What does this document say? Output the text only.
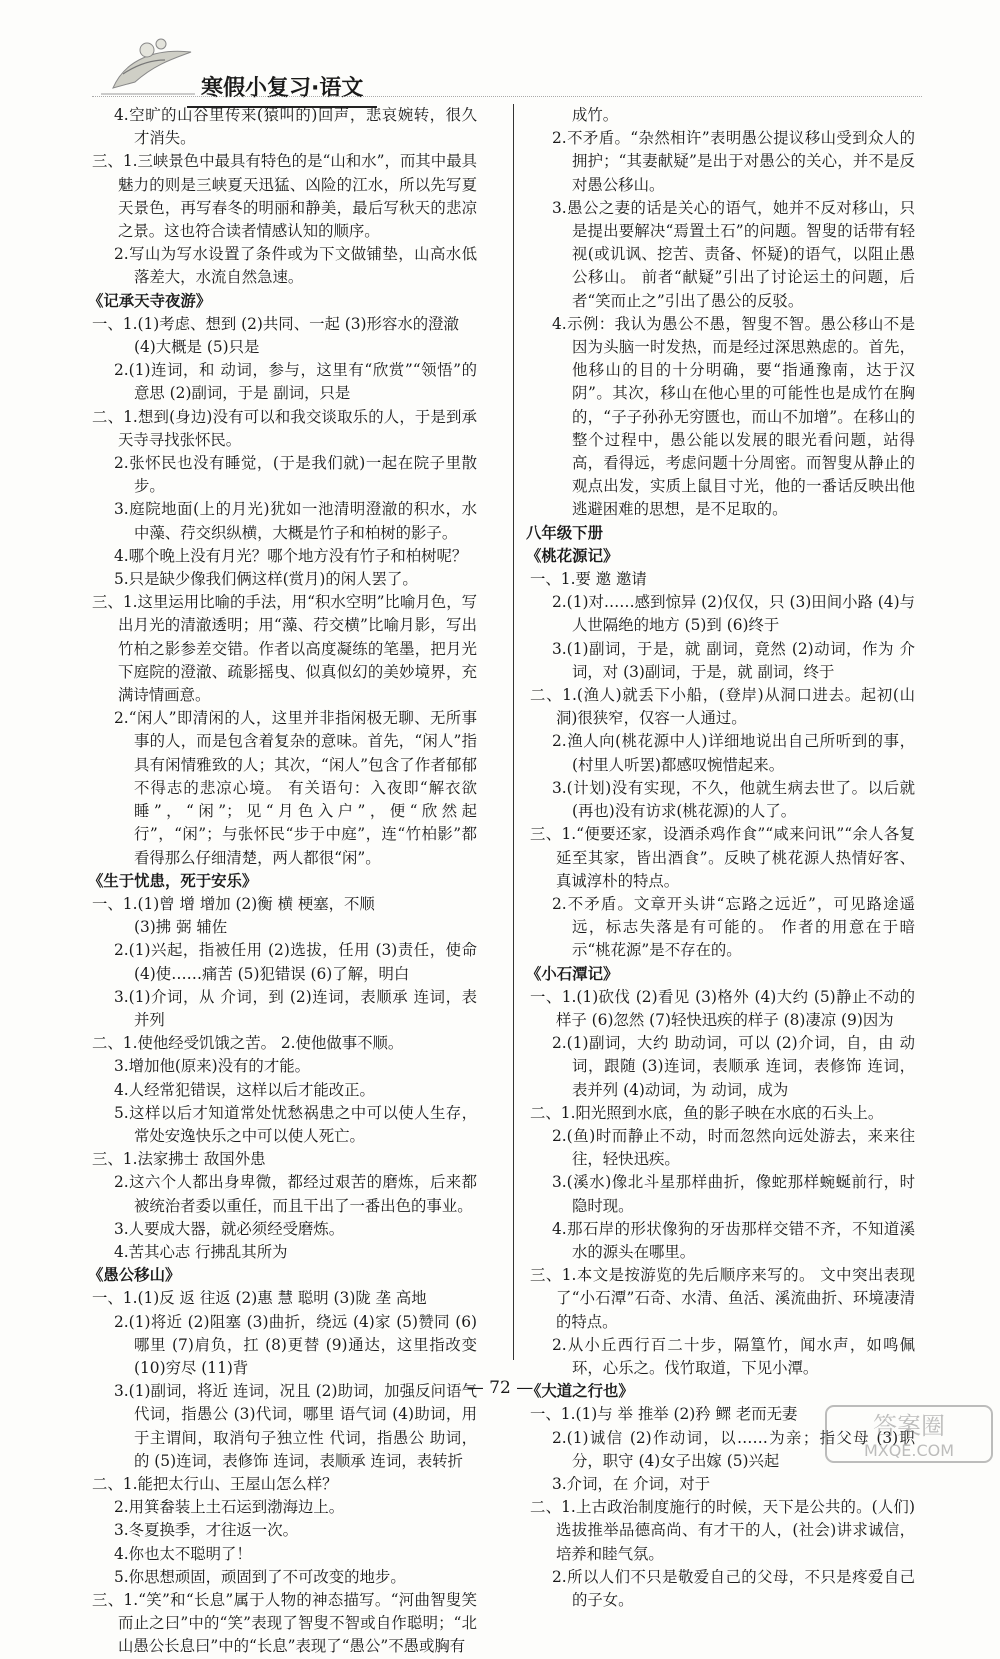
寒假小复习·语文
4.空旷的山谷里传来(猿叫的)回声，悲哀婉转，很久才消失。
三、1.三峡景色中最具有特色的是“山和水”，而其中最具魅力的则是三峡夏天迅猛、凶险的江水，所以先写夏天景色，再写春冬的明丽和静美，最后写秋天的悲凉之景。这也符合读者情感认知的顺序。
2.写山为写水设置了条件或为下文做铺垫，山高水低落差大，水流自然急速。
《记承天寺夜游》
一、1.(1)考虑、想到 (2)共同、一起 (3)形容水的澄澈
(4)大概是 (5)只是
2.(1)连词，和 动词，参与，这里有“欣赏”“领悟”的意思 (2)副词，于是 副词，只是
二、1.想到(身边)没有可以和我交谈取乐的人，于是到承天寺寻找张怀民。
2.张怀民也没有睡觉，(于是我们就)一起在院子里散步。
3.庭院地面(上的月光)犹如一池清明澄澈的积水，水中藻、荇交织纵横，大概是竹子和柏树的影子。
4.哪个晚上没有月光？哪个地方没有竹子和柏树呢？
5.只是缺少像我们俩这样(赏月)的闲人罢了。
三、1.这里运用比喻的手法，用“积水空明”比喻月色，写出月光的清澈透明；用“藻、荇交横”比喻月影，写出竹柏之影参差交错。作者以高度凝练的笔墨，把月光下庭院的澄澈、疏影摇曳、似真似幻的美妙境界，充满诗情画意。
2.“闲人”即清闲的人，这里并非指闲极无聊、无所事事的人，而是包含着复杂的意味。首先，“闲人”指具有闲情雅致的人；其次，“闲人”包含了作者郁郁不得志的悲凉心境。 有关语句：入夜即“解衣欲睡”，“闲”；见“月色入户”，便“欣然起行”，“闲”；与张怀民“步于中庭”，连“竹柏影”都看得那么仔细清楚，两人都很“闲”。
《生于忧患，死于安乐》
一、1.(1)曾 增 增加 (2)衡 横 梗塞，不顺
(3)拂 弼 辅佐
2.(1)兴起，指被任用 (2)选拔，任用 (3)责任，使命 (4)使……痛苦 (5)犯错误 (6)了解，明白
3.(1)介词，从 介词，到 (2)连词，表顺承 连词，表并列
二、1.使他经受饥饿之苦。 2.使他做事不顺。
3.增加他(原来)没有的才能。
4.人经常犯错误，这样以后才能改正。
5.这样以后才知道常处忧愁祸患之中可以使人生存，常处安逸快乐之中可以使人死亡。
三、1.法家拂士 敌国外患
2.这六个人都出身卑微，都经过艰苦的磨炼，后来都被统治者委以重任，而且干出了一番出色的事业。
3.人要成大器，就必须经受磨炼。
4.苦其心志 行拂乱其所为
《愚公移山》
一、1.(1)反 返 往返 (2)惠 慧 聪明 (3)陇 垄 高地
2.(1)将近 (2)阻塞 (3)曲折，绕远 (4)家 (5)赞同 (6)哪里 (7)肩负，扛 (8)更替 (9)通达，这里指改变 (10)穷尽 (11)背
3.(1)副词，将近 连词，况且 (2)助词，加强反问语气 代词，指愚公 (3)代词，哪里 语气词 (4)助词，用于主谓间，取消句子独立性 代词，指愚公 助词，的 (5)连词，表修饰 连词，表顺承 连词，表转折
二、1.能把太行山、王屋山怎么样？
2.用箕畚装上土石运到渤海边上。
3.冬夏换季，才往返一次。
4.你也太不聪明了！
5.你思想顽固，顽固到了不可改变的地步。
三、1.“笑”和“长息”属于人物的神态描写。“河曲智叟笑而止之曰”中的“笑”表现了智叟不智或自作聪明；“北山愚公长息曰”中的“长息”表现了“愚公”不愚或胸有
成竹。
2.不矛盾。“杂然相许”表明愚公提议移山受到众人的拥护；“其妻献疑”是出于对愚公的关心，并不是反对愚公移山。
3.愚公之妻的话是关心的语气，她并不反对移山，只是提出要解决“焉置土石”的问题。智叟的话带有轻视(或讥讽、挖苦、责备、怀疑)的语气，以阻止愚公移山。 前者“献疑”引出了讨论运土的问题，后者“笑而止之”引出了愚公的反驳。
4.示例：我认为愚公不愚，智叟不智。愚公移山不是因为头脑一时发热，而是经过深思熟虑的。首先，他移山的目的十分明确，要“指通豫南，达于汉阴”。其次，移山在他心里的可能性也是成竹在胸的，“子子孙孙无穷匮也，而山不加增”。在移山的整个过程中，愚公能以发展的眼光看问题，站得高，看得远，考虑问题十分周密。而智叟从静止的观点出发，实质上鼠目寸光，他的一番话反映出他逃避困难的思想，是不足取的。
八年级下册
《桃花源记》
一、1.要 邀 邀请
2.(1)对……感到惊异 (2)仅仅，只 (3)田间小路 (4)与人世隔绝的地方 (5)到 (6)终于
3.(1)副词，于是，就 副词，竟然 (2)动词，作为 介词，对 (3)副词，于是，就 副词，终于
二、1.(渔人)就丢下小船，(登岸)从洞口进去。起初(山洞)很狭窄，仅容一人通过。
2.渔人向(桃花源中人)详细地说出自己所听到的事，(村里人听罢)都感叹惋惜起来。
3.(计划)没有实现，不久，他就生病去世了。以后就(再也)没有访求(桃花源)的人了。
三、1.“便要还家，设酒杀鸡作食”“咸来问讯”“余人各复延至其家，皆出酒食”。反映了桃花源人热情好客、真诚淳朴的特点。
2.不矛盾。文章开头讲“忘路之远近”，可见路途遥远，标志失落是有可能的。 作者的用意在于暗示“桃花源”是不存在的。
《小石潭记》
一、1.(1)砍伐 (2)看见 (3)格外 (4)大约 (5)静止不动的样子 (6)忽然 (7)轻快迅疾的样子 (8)凄凉 (9)因为
2.(1)副词，大约 助动词，可以 (2)介词，自，由 动词，跟随 (3)连词，表顺承 连词，表修饰 连词，表并列 (4)动词，为 动词，成为
二、1.阳光照到水底，鱼的影子映在水底的石头上。
2.(鱼)时而静止不动，时而忽然向远处游去，来来往往，轻快迅疾。
3.(溪水)像北斗星那样曲折，像蛇那样蜿蜒前行，时隐时现。
4.那石岸的形状像狗的牙齿那样交错不齐，不知道溪水的源头在哪里。
三、1.本文是按游览的先后顺序来写的。 文中突出表现了“小石潭”石奇、水清、鱼活、溪流曲折、环境凄清的特点。
2.从小丘西行百二十步，隔篁竹，闻水声，如鸣佩环，心乐之。伐竹取道，下见小潭。
《大道之行也》
一、1.(1)与 举 推举 (2)矜 鳏 老而无妻
2.(1)诚信 (2)作动词，以……为亲；指父母 (3)职分，职守 (4)女子出嫁 (5)兴起
3.介词，在 介词，对于
二、1.上古政治制度施行的时候，天下是公共的。(人们)选拔推举品德高尚、有才干的人，(社会)讲求诚信，培养和睦气氛。
2.所以人们不只是敬爱自己的父母，不只是疼爱自己的子女。
— 72 —
答案圈
MXQE.COM
